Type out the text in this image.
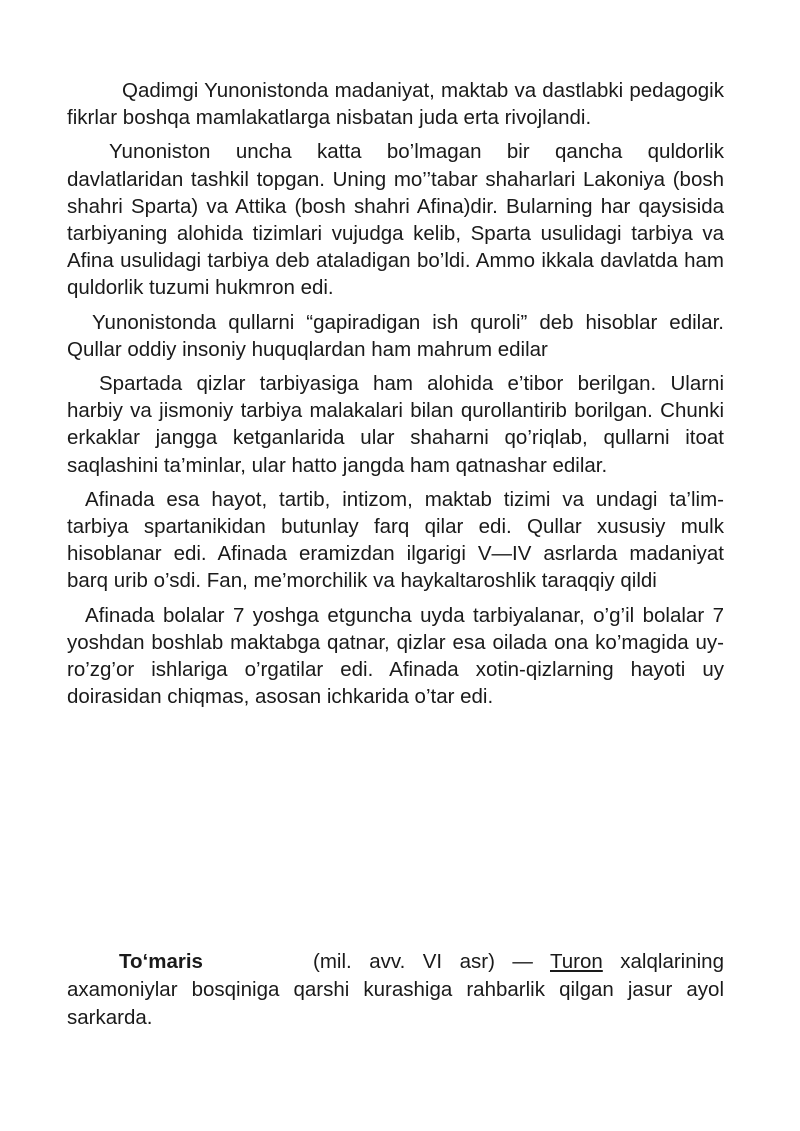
Qadimgi Yunonistonda madaniyat, maktab va dastlabki pedagogik fikrlar boshqa mamlakatlarga nisbatan juda erta rivojlandi.

Yunoniston uncha katta bo’lmagan bir qancha quldorlik davlatlaridan tashkil topgan. Uning mo’’tabar shaharlari Lakoniya (bosh shahri Sparta) va Attika (bosh shahri Afina)dir. Bularning har qaysisida tarbiyaning alohida tizimlari vujudga kelib, Sparta usulidagi tarbiya va Afina usulidagi tarbiya deb ataladigan bo’ldi. Ammo ikkala davlatda ham quldorlik tuzumi hukmron edi.

Yunonistonda qullarni “gapiradigan ish quroli” deb hisoblar edilar. Qullar oddiy insoniy huquqlardan ham mahrum edilar

Spartada qizlar tarbiyasiga ham alohida e’tibor berilgan. Ularni harbiy va jismoniy tarbiya malakalari bilan qurollantirib borilgan. Chunki erkaklar jangga ketganlarida ular shaharni qo’riqlab, qullarni itoat saqlashini ta’minlar, ular hatto jangda ham qatnashar edilar.

Afinada esa hayot, tartib, intizom, maktab tizimi va undagi ta’lim-tarbiya spartanikidan butunlay farq qilar edi. Qullar xususiy mulk hisoblanar edi. Afinada eramizdan ilgarigi V—IV asrlarda madaniyat barq urib o’sdi. Fan, me’morchilik va haykaltaroshlik taraqqiy qildi

Afinada bolalar 7 yoshga etguncha uyda tarbiyalanar, o’g’il bolalar 7 yoshdan boshlab maktabga qatnar, qizlar esa oilada ona ko’magida uy-ro’zg’or ishlariga o’rgatilar edi. Afinada xotin-qizlarning hayoti uy doirasidan chiqmas, asosan ichkarida o’tar edi.

To‘maris	(mil. avv. VI asr) — Turon xalqlarining axamoniylar bosqiniga qarshi kurashiga rahbarlik qilgan jasur ayol sarkarda.
